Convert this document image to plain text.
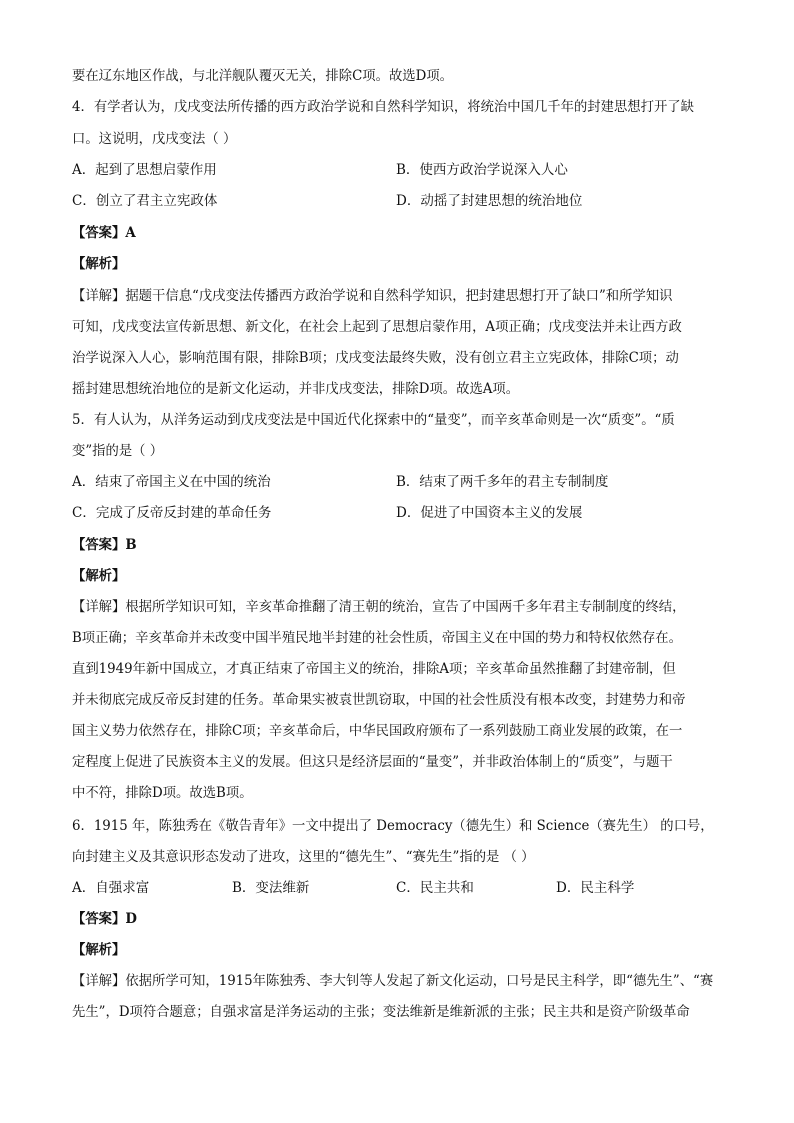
要在辽东地区作战，与北洋舰队覆灭无关，排除C项。故选D项。
4．有学者认为，戊戌变法所传播的西方政治学说和自然科学知识，将统治中国几千年的封建思想打开了缺
口。这说明，戊戌变法（ ）
A．起到了思想启蒙作用	B．使西方政治学说深入人心
C．创立了君主立宪政体	D．动摇了封建思想的统治地位
【答案】A
【解析】
【详解】据题干信息“戊戌变法传播西方政治学说和自然科学知识，把封建思想打开了缺口”和所学知识
可知，戊戌变法宣传新思想、新文化，在社会上起到了思想启蒙作用，A项正确；戊戌变法并未让西方政
治学说深入人心，影响范围有限，排除B项；戊戌变法最终失败，没有创立君主立宪政体，排除C项；动
摇封建思想统治地位的是新文化运动，并非戊戌变法，排除D项。故选A项。
5．有人认为，从洋务运动到戊戌变法是中国近代化探索中的“量变”，而辛亥革命则是一次“质变”。“质
变”指的是（ ）
A．结束了帝国主义在中国的统治	B．结束了两千多年的君主专制制度
C．完成了反帝反封建的革命任务	D．促进了中国资本主义的发展
【答案】B
【解析】
【详解】根据所学知识可知，辛亥革命推翻了清王朝的统治，宣告了中国两千多年君主专制制度的终结，
B项正确；辛亥革命并未改变中国半殖民地半封建的社会性质，帝国主义在中国的势力和特权依然存在。
直到1949年新中国成立，才真正结束了帝国主义的统治，排除A项；辛亥革命虽然推翻了封建帝制，但
并未彻底完成反帝反封建的任务。革命果实被袁世凯窃取，中国的社会性质没有根本改变，封建势力和帝
国主义势力依然存在，排除C项；辛亥革命后，中华民国政府颁布了一系列鼓励工商业发展的政策，在一
定程度上促进了民族资本主义的发展。但这只是经济层面的“量变”，并非政治体制上的“质变”，与题干
中不符，排除D项。故选B项。
6．1915 年，陈独秀在《敬告青年》一文中提出了 Democracy（德先生）和 Science（赛先生） 的口号，
向封建主义及其意识形态发动了进攻，这里的“德先生”、“赛先生”指的是 （ ）
A．自强求富	B．变法维新	C．民主共和	D．民主科学
【答案】D
【解析】
【详解】依据所学可知，1915年陈独秀、李大钊等人发起了新文化运动，口号是民主科学，即“德先生”、“赛
先生”，D项符合题意；自强求富是洋务运动的主张；变法维新是维新派的主张；民主共和是资产阶级革命
